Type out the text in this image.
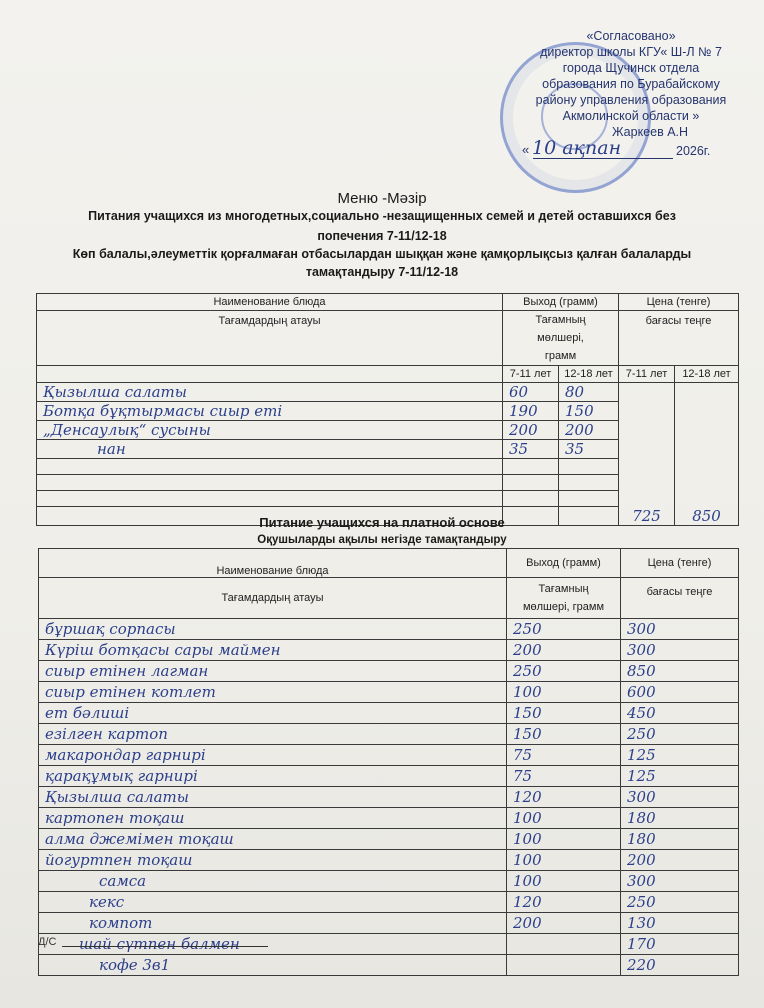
«Согласовано»
директор школы КГУ« Ш-Л № 7
города Щучинск отдела
образования по Бурабайскому
району управления образования
Акмолинской области »
Жаркеев А.Н
« 10 ақпан	2026г.
Меню -Мәзір
Питания учащихся из многодетных,социально -незащищенных семей и детей оставшихся без
попечения 7-11/12-18
Көп балалы,әлеуметтік қорғалмаған отбасылардан шыққан және қамқорлықсыз қалған балаларды
тамақтандыру 7-11/12-18
Наименование блюда	Выход (грамм)		Цена (тенге)	
Тағамдардың атауы	Тағамның мөлшері, грамм		бағасы теңге	
	7-11 лет	12-18 лет	7-11 лет	12-18 лет
Қызылша салаты	60	80	725	850
Ботқа бұқтырмасы сиыр еті	190	150		
„Денсаулық“ сусыны	200	200		
нан	35	35		

Питание учащихся на платной основе
Оқушыларды ақылы негізде тамақтандыру
Наименование блюда	Выход (грамм)	Цена (тенге)
Тағамдардың атауы	Тағамның мөлшері, грамм	бағасы теңге
бұршақ сорпасы	250	300
Күріш ботқасы сары маймен	200	300
сиыр етінен лагман	250	850
сиыр етінен котлет	100	600
ет бәлиші	150	450
езілген картоп	150	250
макарондар гарнирі	75	125
қарақұмық гарнирі	75	125
Қызылша салаты	120	300
картопен тоқаш	100	180
алма джемімен тоқаш	100	180
йогуртпен тоқаш	100	200
самса	100	300
кекс	120	250
компот	200	130
шай сүтпен балмен		170
кофе 3в1		220
Д/С
